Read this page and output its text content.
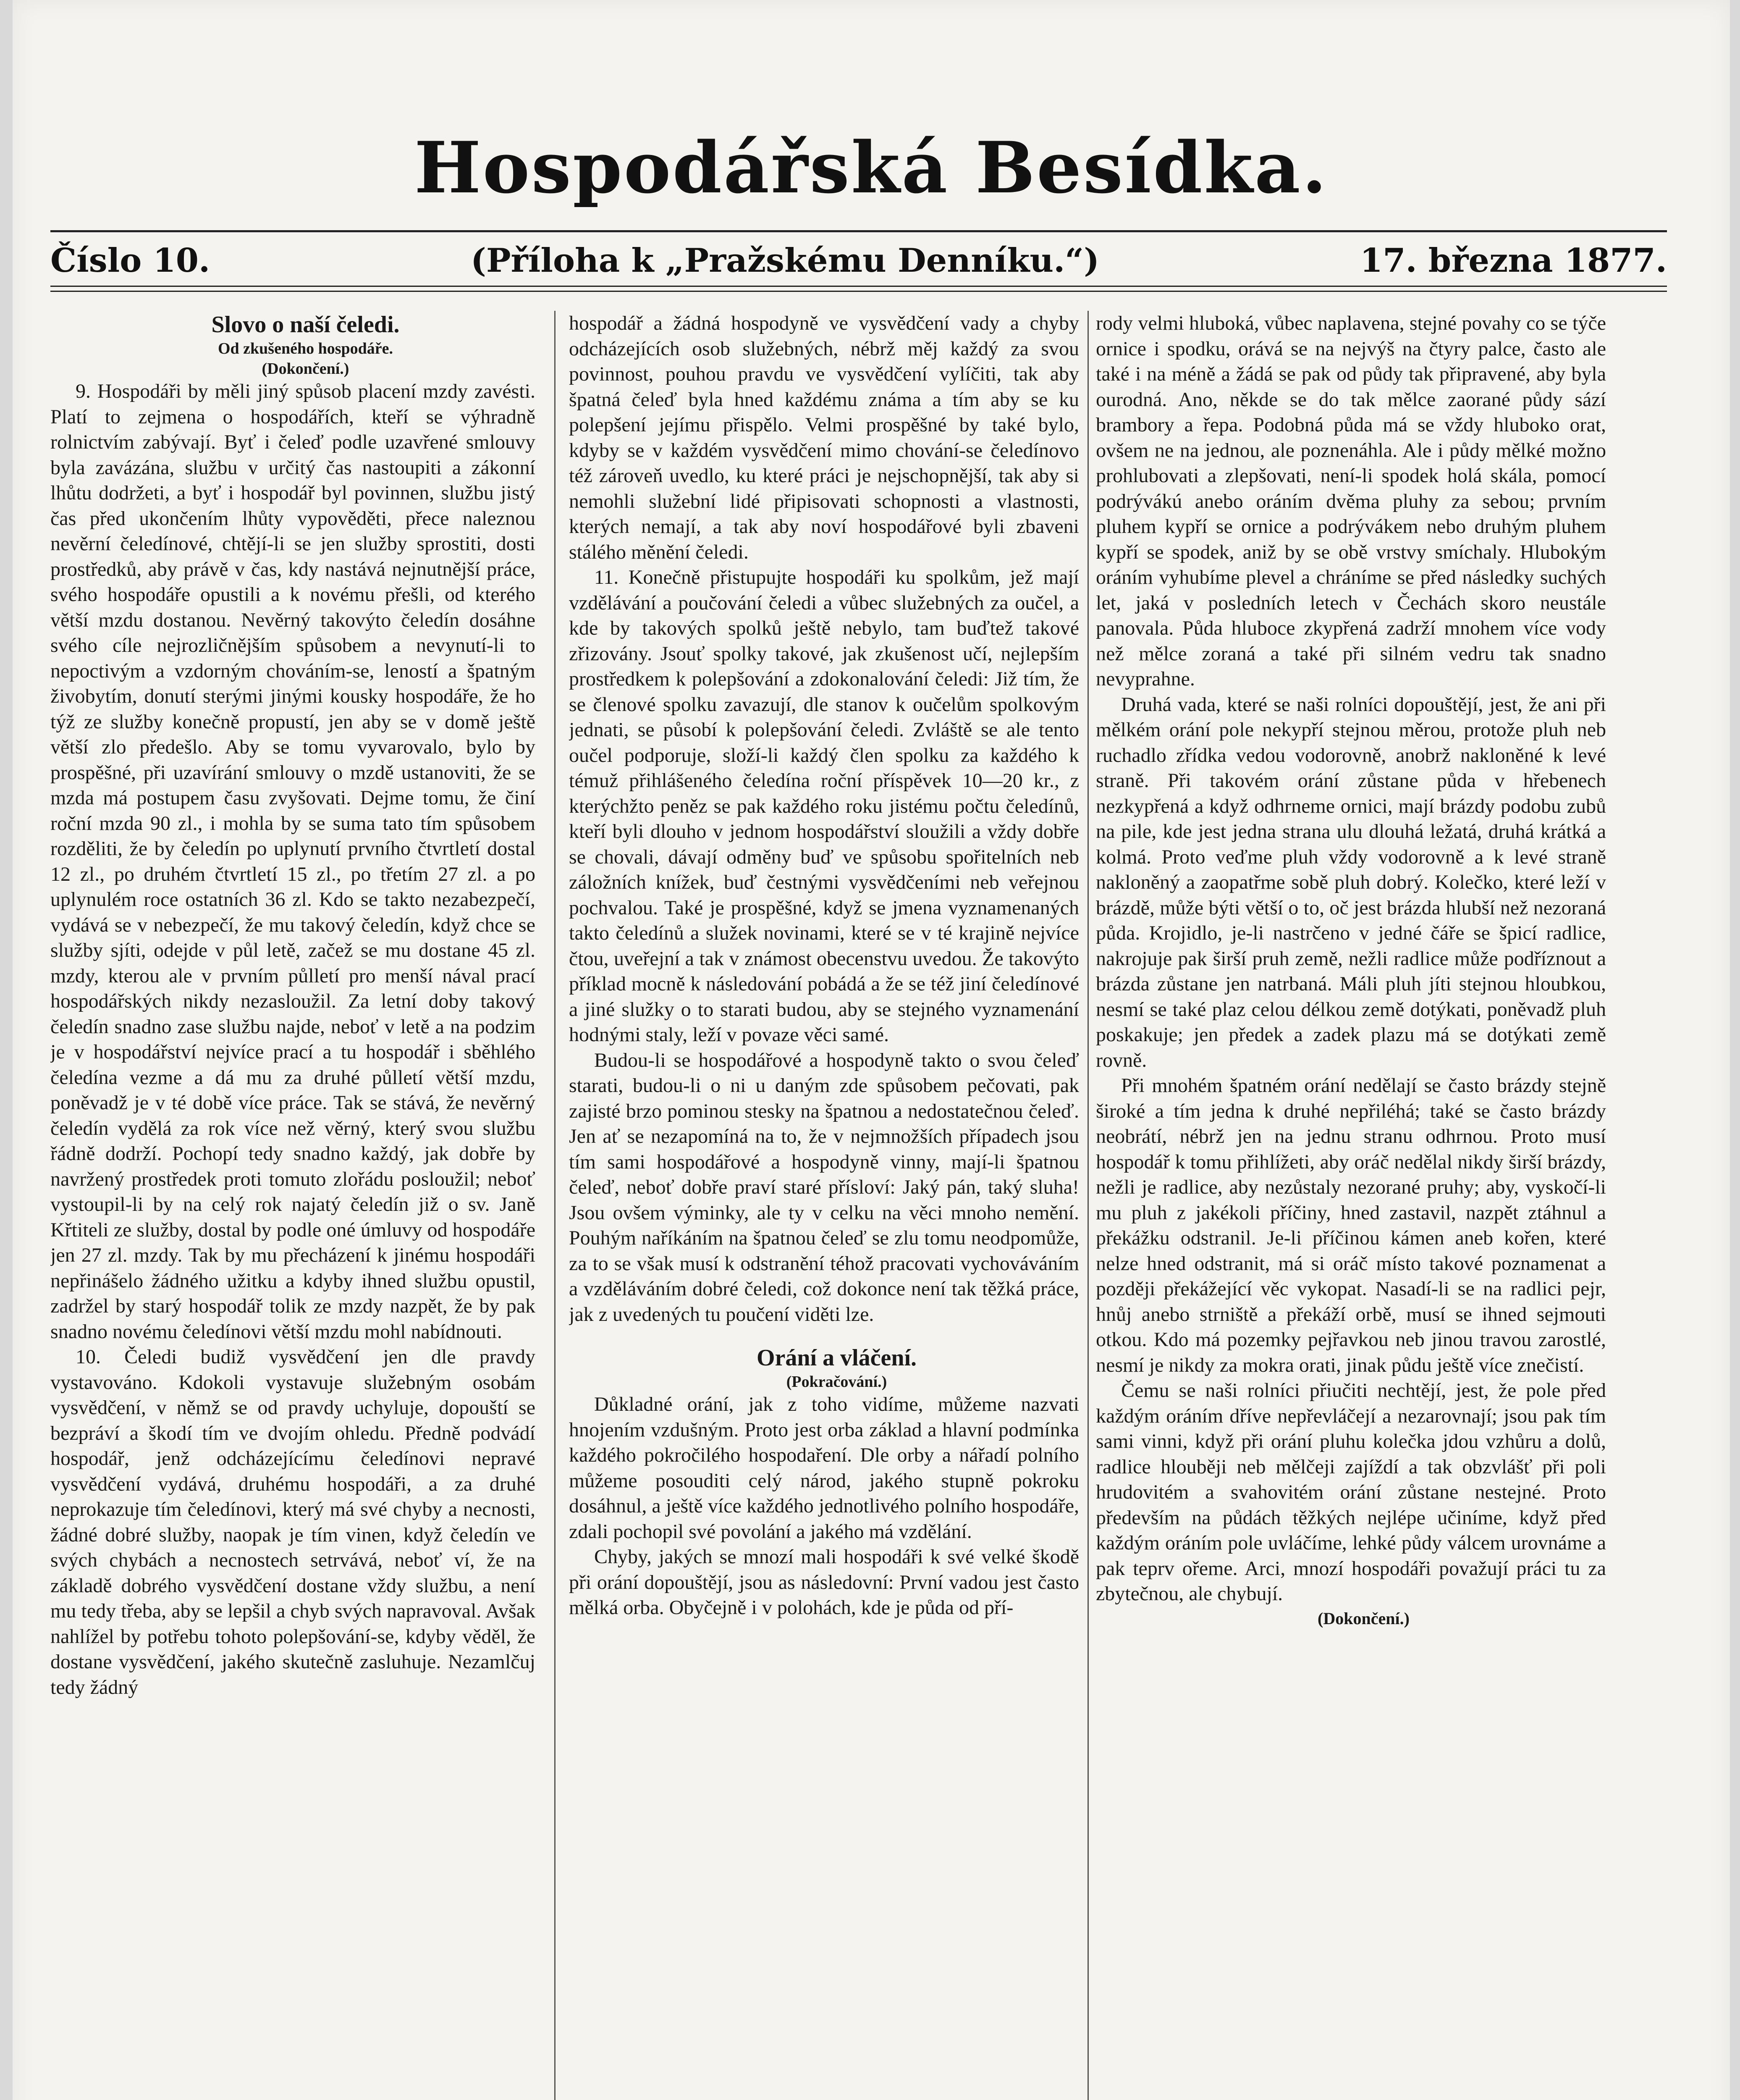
Hospodářská Besídka.
Číslo 10.	(Příloha k „Pražskému Denníku.“)	17. března 1877.

Slovo o naší čeledi.

Od zkušeného hospodáře.

(Dokončení.)

9. Hospodáři by měli jiný spůsob placení mzdy zavésti. Platí to zejmena o hospodářích, kteří se výhradně rolnictvím zabývají. Byť i čeleď podle uzavřené smlouvy byla zavázána, službu v určitý čas nastoupiti a zákonní lhůtu dodržeti, a byť i hospodář byl povinnen, službu jistý čas před ukončením lhůty vypověděti, přece naleznou nevěrní čeledínové, chtějí-li se jen služby sprostiti, dosti prostředků, aby právě v čas, kdy nastává nejnutnější práce, svého hospodáře opustili a k novému přešli, od kterého větší mzdu dostanou. Nevěrný takovýto čeledín dosáhne svého cíle nejrozličnějším spůsobem a nevynutí-li to nepoctivým a vzdorným chováním-se, leností a špatným živobytím, donutí sterými jinými kousky hospodáře, že ho týž ze služby konečně propustí, jen aby se v domě ještě větší zlo předešlo. Aby se tomu vyvarovalo, bylo by prospěšné, při uzavírání smlouvy o mzdě ustanoviti, že se mzda má postupem času zvyšovati. Dejme tomu, že činí roční mzda 90 zl., i mohla by se suma tato tím spůsobem rozděliti, že by čeledín po uplynutí prvního čtvrtletí dostal 12 zl., po druhém čtvrtletí 15 zl., po třetím 27 zl. a po uplynulém roce ostatních 36 zl. Kdo se takto nezabezpečí, vydává se v nebezpečí, že mu takový čeledín, když chce se služby sjíti, odejde v půl letě, začež se mu dostane 45 zl. mzdy, kterou ale v prvním půlletí pro menší nával prací hospodářských nikdy nezasloužil. Za letní doby takový čeledín snadno zase službu najde, neboť v letě a na podzim je v hospodářství nejvíce prací a tu hospodář i sběhlého čeledína vezme a dá mu za druhé půlletí větší mzdu, poněvadž je v té době více práce. Tak se stává, že nevěrný čeledín vydělá za rok více než věrný, který svou službu řádně dodrží. Pochopí tedy snadno každý, jak dobře by navržený prostředek proti tomuto zlořádu posloužil; neboť vystoupil-li by na celý rok najatý čeledín již o sv. Janě Křtiteli ze služby, dostal by podle oné úmluvy od hospodáře jen 27 zl. mzdy. Tak by mu přecházení k jinému hospodáři nepřinášelo žádného užitku a kdyby ihned službu opustil, zadržel by starý hospodář tolik ze mzdy nazpět, že by pak snadno novému čeledínovi větší mzdu mohl nabídnouti.

10. Čeledi budiž vysvědčení jen dle pravdy vystavováno. Kdokoli vystavuje služebným osobám vysvědčení, v němž se od pravdy uchyluje, dopouští se bezpráví a škodí tím ve dvojím ohledu. Předně podvádí hospodář, jenž odcházejícímu čeledínovi nepravé vysvědčení vydává, druhému hospodáři, a za druhé neprokazuje tím čeledínovi, který má své chyby a necnosti, žádné dobré služby, naopak je tím vinen, když čeledín ve svých chybách a necnostech setrvává, neboť ví, že na základě dobrého vysvědčení dostane vždy službu, a není mu tedy třeba, aby se lepšil a chyb svých napravoval. Avšak nahlížel by potřebu tohoto polepšování-se, kdyby věděl, že dostane vysvědčení, jakého skutečně zasluhuje. Nezamlčuj tedy žádný

hospodář a žádná hospodyně ve vysvědčení vady a chyby odcházejících osob služebných, nébrž měj každý za svou povinnost, pouhou pravdu ve vysvědčení vylíčiti, tak aby špatná čeleď byla hned každému známa a tím aby se ku polepšení jejímu přispělo. Velmi prospěšné by také bylo, kdyby se v každém vysvědčení mimo chování-se čeledínovo též zároveň uvedlo, ku které práci je nejschopnější, tak aby si nemohli služební lidé připisovati schopnosti a vlastnosti, kterých nemají, a tak aby noví hospodářové byli zbaveni stálého měnění čeledi.

11. Konečně přistupujte hospodáři ku spolkům, jež mají vzdělávání a poučování čeledi a vůbec služebných za oučel, a kde by takových spolků ještě nebylo, tam buďtež takové zřizovány. Jsouť spolky takové, jak zkušenost učí, nejlepším prostředkem k polepšování a zdokonalování čeledi: Již tím, že se členové spolku zavazují, dle stanov k oučelům spolkovým jednati, se působí k polepšování čeledi. Zvláště se ale tento oučel podporuje, složí-li každý člen spolku za každého k témuž přihlášeného čeledína roční příspěvek 10—20 kr., z kterýchžto peněz se pak každého roku jistému počtu čeledínů, kteří byli dlouho v jednom hospodářství sloužili a vždy dobře se chovali, dávají odměny buď ve spůsobu spořitelních neb záložních knížek, buď čestnými vysvědčeními neb veřejnou pochvalou. Také je prospěšné, když se jmena vyznamenaných takto čeledínů a služek novinami, které se v té krajině nejvíce čtou, uveřejní a tak v známost obecenstvu uvedou. Že takovýto příklad mocně k následování pobádá a že se též jiní čeledínové a jiné služky o to starati budou, aby se stejného vyznamenání hodnými staly, leží v povaze věci samé.

Budou-li se hospodářové a hospodyně takto o svou čeleď starati, budou-li o ni u daným zde spůsobem pečovati, pak zajisté brzo pominou stesky na špatnou a nedostatečnou čeleď. Jen ať se nezapomíná na to, že v nejmnožších případech jsou tím sami hospodářové a hospodyně vinny, mají-li špatnou čeleď, neboť dobře praví staré přísloví: Jaký pán, taký sluha! Jsou ovšem výminky, ale ty v celku na věci mnoho nemění. Pouhým naříkáním na špatnou čeleď se zlu tomu neodpomůže, za to se však musí k odstranění téhož pracovati vychováváním a vzděláváním dobré čeledi, což dokonce není tak těžká práce, jak z uvedených tu poučení viděti lze.

Orání a vláčení.

(Pokračování.)

Důkladné orání, jak z toho vidíme, můžeme nazvati hnojením vzdušným. Proto jest orba základ a hlavní podmínka každého pokročilého hospodaření. Dle orby a nářadí polního můžeme posouditi celý národ, jakého stupně pokroku dosáhnul, a ještě více každého jednotlivého polního hospodáře, zdali pochopil své povolání a jakého má vzdělání.

Chyby, jakých se mnozí mali hospodáři k své velké škodě při orání dopouštějí, jsou as následovní: První vadou jest často mělká orba. Obyčejně i v polohách, kde je půda od pří-

rody velmi hluboká, vůbec naplavena, stejné povahy co se týče ornice i spodku, orává se na nejvýš na čtyry palce, často ale také i na méně a žádá se pak od půdy tak připravené, aby byla ourodná. Ano, někde se do tak mělce zaorané půdy sází brambory a řepa. Podobná půda má se vždy hluboko orat, ovšem ne na jednou, ale poznenáhla. Ale i půdy mělké možno prohlubovati a zlepšovati, není-li spodek holá skála, pomocí podrývákú anebo oráním dvěma pluhy za sebou; prvním pluhem kypří se ornice a podrývákem nebo druhým pluhem kypří se spodek, aniž by se obě vrstvy smíchaly. Hlubokým oráním vyhubíme plevel a chráníme se před následky suchých let, jaká v posledních letech v Čechách skoro neustále panovala. Půda hluboce zkypřená zadrží mnohem více vody než mělce zoraná a také při silném vedru tak snadno nevyprahne.

Druhá vada, které se naši rolníci dopouštějí, jest, že ani při mělkém orání pole nekypří stejnou měrou, protože pluh neb ruchadlo zřídka vedou vodorovně, anobrž nakloněné k levé straně. Při takovém orání zůstane půda v hřebenech nezkypřená a když odhrneme ornici, mají brázdy podobu zubů na pile, kde jest jedna strana ulu dlouhá ležatá, druhá krátká a kolmá. Proto veďme pluh vždy vodorovně a k levé straně nakloněný a zaopatřme sobě pluh dobrý. Kolečko, které leží v brázdě, může býti větší o to, oč jest brázda hlubší než nezoraná půda. Krojidlo, je-li nastrčeno v jedné čáře se špicí radlice, nakrojuje pak širší pruh země, nežli radlice může podříznout a brázda zůstane jen natrbaná. Máli pluh jíti stejnou hloubkou, nesmí se také plaz celou délkou země dotýkati, poněvadž pluh poskakuje; jen předek a zadek plazu má se dotýkati země rovně.

Při mnohém špatném orání nedělají se často brázdy stejně široké a tím jedna k druhé nepřiléhá; také se často brázdy neobrátí, nébrž jen na jednu stranu odhrnou. Proto musí hospodář k tomu přihlížeti, aby oráč nedělal nikdy širší brázdy, nežli je radlice, aby nezůstaly nezorané pruhy; aby, vyskočí-li mu pluh z jakékoli příčiny, hned zastavil, nazpět ztáhnul a překážku odstranil. Je-li příčinou kámen aneb kořen, které nelze hned odstranit, má si oráč místo takové poznamenat a později překážející věc vykopat. Nasadí-li se na radlici pejr, hnůj anebo strniště a překáží orbě, musí se ihned sejmouti otkou. Kdo má pozemky pejřavkou neb jinou travou zarostlé, nesmí je nikdy za mokra orati, jinak půdu ještě více znečistí.

Čemu se naši rolníci přiučiti nechtějí, jest, že pole před každým oráním dříve nepřevláčejí a nezarovnají; jsou pak tím sami vinni, když při orání pluhu kolečka jdou vzhůru a dolů, radlice hlouběji neb mělčeji zajíždí a tak obzvlášť při poli hrudovitém a svahovitém orání zůstane nestejné. Proto především na půdách těžkých nejlépe učiníme, když před každým oráním pole uvláčíme, lehké půdy válcem urovnáme a pak teprv ořeme. Arci, mnozí hospodáři považují práci tu za zbytečnou, ale chybují.

(Dokončení.)
